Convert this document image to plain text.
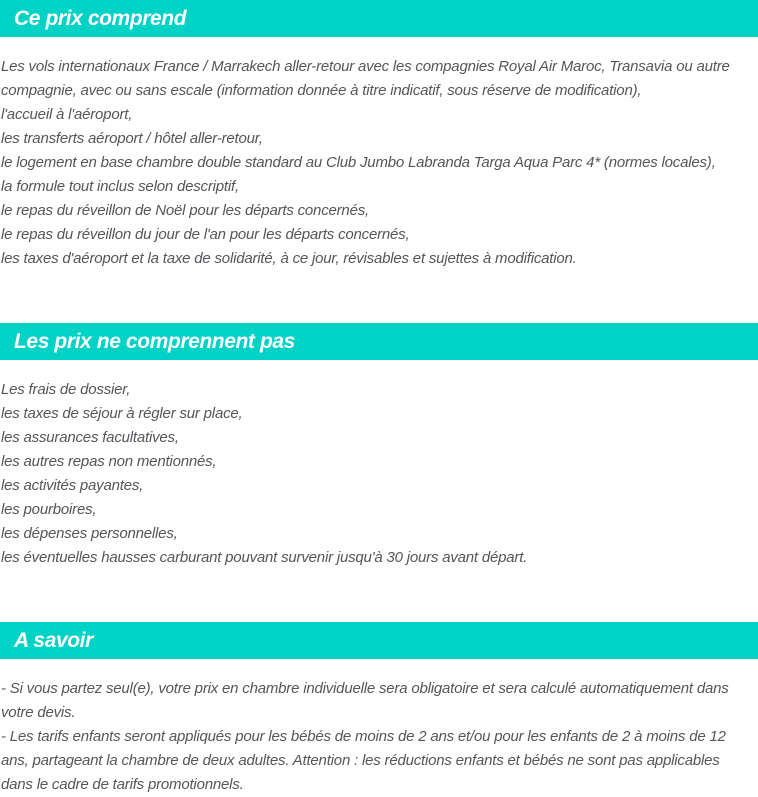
Ce prix comprend
Les vols internationaux France / Marrakech aller-retour avec les compagnies Royal Air Maroc, Transavia ou autre compagnie, avec ou sans escale (information donnée à titre indicatif, sous réserve de modification),
l'accueil à l'aéroport,
les transferts aéroport / hôtel aller-retour,
le logement en base chambre double standard au Club Jumbo Labranda Targa Aqua Parc 4* (normes locales),
la formule tout inclus selon descriptif,
le repas du réveillon de Noël pour les départs concernés,
le repas du réveillon du jour de l'an pour les départs concernés,
les taxes d'aéroport et la taxe de solidarité, à ce jour, révisables et sujettes à modification.
Les prix ne comprennent pas
Les frais de dossier,
les taxes de séjour à régler sur place,
les assurances facultatives,
les autres repas non mentionnés,
les activités payantes,
les pourboires,
les dépenses personnelles,
les éventuelles hausses carburant pouvant survenir jusqu'à 30 jours avant départ.
A savoir
- Si vous partez seul(e), votre prix en chambre individuelle sera obligatoire et sera calculé automatiquement dans votre devis.
- Les tarifs enfants seront appliqués pour les bébés de moins de 2 ans et/ou pour les enfants de 2 à moins de 12 ans, partageant la chambre de deux adultes. Attention : les réductions enfants et bébés ne sont pas applicables dans le cadre de tarifs promotionnels.
